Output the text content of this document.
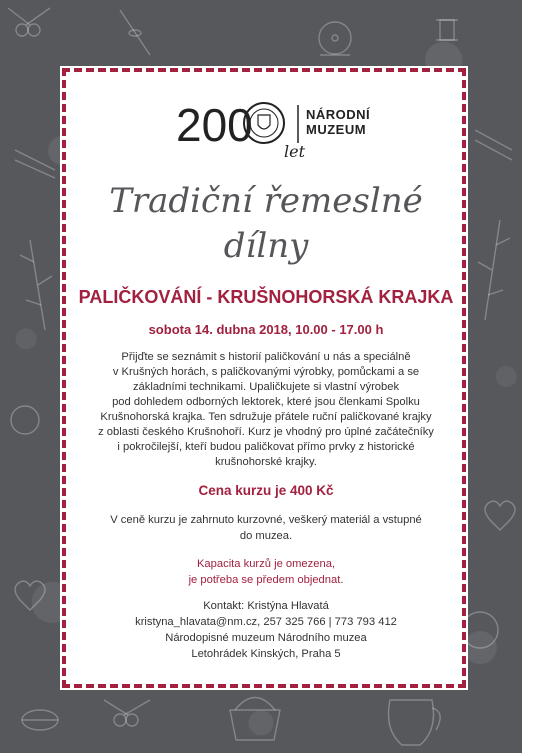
200
let
NÁRODNÍ
MUZEUM
Tradiční řemeslné
dílny
PALIČKOVÁNÍ - KRUŠNOHORSKÁ KRAJKA
sobota 14. dubna 2018, 10.00 - 17.00 h
Přijďte se seznámit s historií paličkování u nás a speciálně
v Krušných horách, s paličkovanými výrobky, pomůckami a se
základními technikami. Upaličkujete si vlastní výrobek
pod dohledem odborných lektorek, které jsou členkami Spolku
Krušnohorská krajka. Ten sdružuje přátele ruční paličkované krajky
z oblasti českého Krušnohoří. Kurz je vhodný pro úplné začátečníky
i pokročilejší, kteří budou paličkovat přímo prvky z historické
krušnohorské krajky.
Cena kurzu je 400 Kč
V ceně kurzu je zahrnuto kurzovné, veškerý materiál a vstupné
do muzea.
Kapacita kurzů je omezena,
je potřeba se předem objednat.
Kontakt: Kristýna Hlavatá
kristyna_hlavata@nm.cz, 257 325 766 | 773 793 412
Národopisné muzeum Národního muzea
Letohrádek Kinských, Praha 5
